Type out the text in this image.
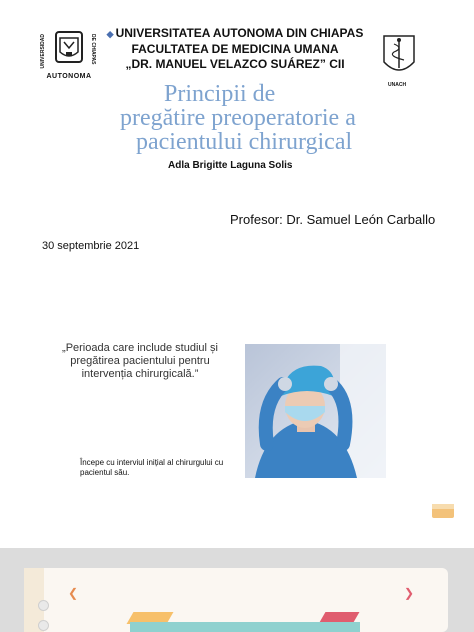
UNIVERSIDAD	DE CHIAPAS
AUTONOMA
◆ UNIVERSITATEA AUTONOMA DIN CHIAPAS
FACULTATEA DE MEDICINA UMANA
„DR. MANUEL VELAZCO SUÁREZ” CII
UNACH
Principii de
pregătire preoperatorie a
pacientului chirurgical
Adla Brigitte Laguna Solis
Profesor: Dr. Samuel León Carballo
30 septembrie 2021
„Perioada care include studiul și pregătirea pacientului pentru intervenția chirurgicală.”
Începe cu interviul inițial al chirurgului cu pacientul său.
❮	❯
